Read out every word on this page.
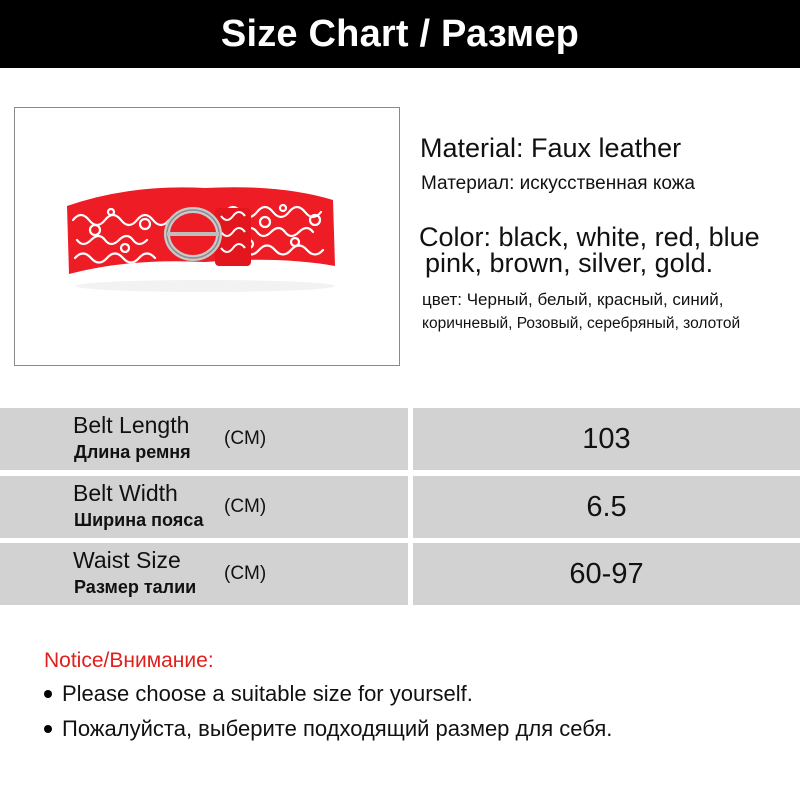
Size Chart / Размер
Material: Faux leather
Материал: искусственная кожа
Color: black, white, red, blue
pink, brown, silver, gold.
цвет: Черный, белый, красный, синий,
коричневый, Розовый, серебряный, золотой
Belt Length
Длина ремня
(CM)	103
Belt Width
Ширина пояса
(CM)	6.5
Waist Size
Размер талии
(CM)	60-97
Notice/Внимание:
Please choose a suitable size for yourself.
Пожалуйста, выберите подходящий размер для себя.
